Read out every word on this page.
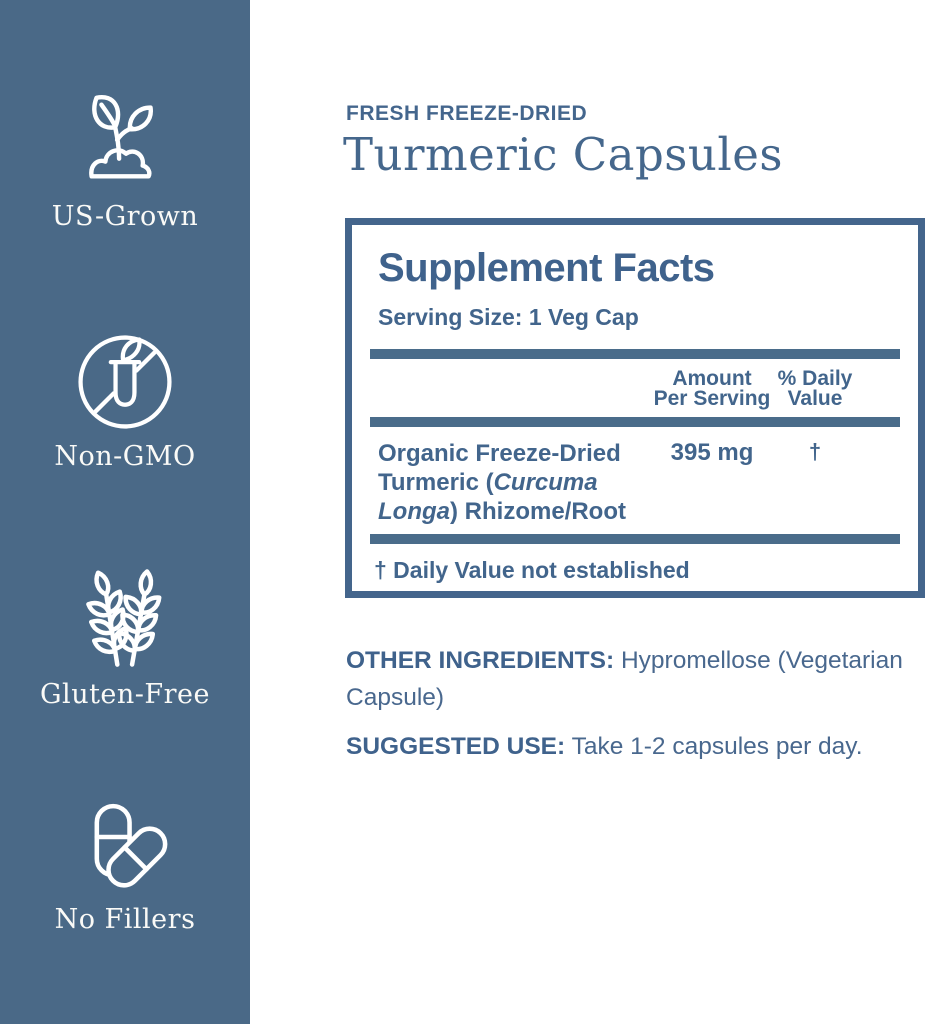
US-Grown
Non-GMO
Gluten-Free
No Fillers
FRESH FREEZE-DRIED
Turmeric Capsules
Supplement Facts
Serving Size: 1 Veg Cap
Amount
Per Serving
% Daily
Value
Organic Freeze-Dried Turmeric (Curcuma Longa) Rhizome/Root
395 mg	†
† Daily Value not established

OTHER INGREDIENTS: Hypromellose (Vegetarian Capsule)

SUGGESTED USE: Take 1-2 capsules per day.
